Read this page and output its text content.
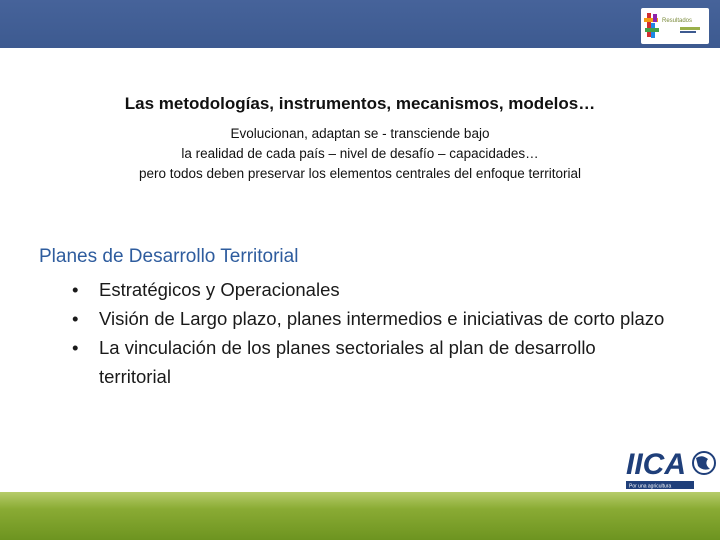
Resultados
Las metodologías, instrumentos, mecanismos, modelos…
Evolucionan, adaptan se - transciende bajo
la realidad de cada país – nivel de desafío – capacidades…
pero todos deben preservar los elementos centrales del enfoque territorial
Planes de Desarrollo Territorial
• Estratégicos y Operacionales
• Visión de Largo plazo, planes intermedios e iniciativas de corto plazo
• La vinculación de los planes sectoriales al plan de desarrollo territorial
IICA
Por una agricultura
